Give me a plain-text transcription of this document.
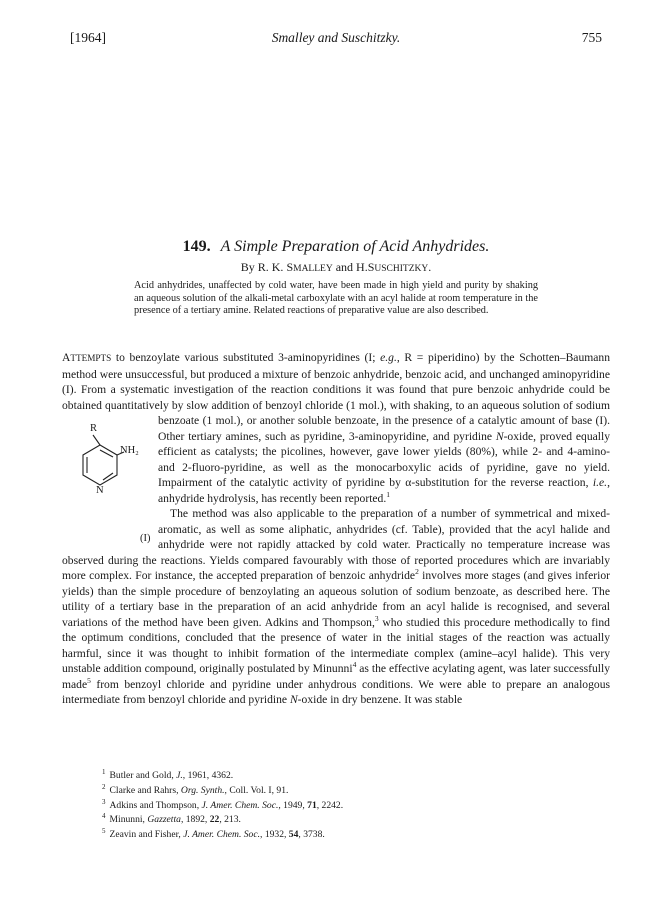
[1964]	Smalley and Suschitzky.	755
149. A Simple Preparation of Acid Anhydrides.
By R. K. SMALLEY and H.SUSCHITZKY.

Acid anhydrides, unaffected by cold water, have been made in high yield and purity by shaking an aqueous solution of the alkali-metal carboxylate with an acyl halide at room temperature in the presence of a tertiary amine. Related reactions of preparative value are also described.

ATTEMPTS to benzoylate various substituted 3-aminopyridines (I; e.g., R = piperidino) by the Schotten–Baumann method were unsuccessful, but produced a mixture of benzoic anhydride, benzoic acid, and unchanged aminopyridine (I). From a systematic investigation of the reaction conditions it was found that pure benzoic anhydride could be obtained quantitatively by slow addition of benzoyl chloride (1 mol.), with shaking, to an aqueous solution of sodium benzoate (1 mol.), or another soluble benzoate, in the presence of a
R
NH₂
N
(I)
catalytic amount of base (I). Other tertiary amines, such as pyridine, 3-aminopyridine, and pyridine N-oxide, proved equally efficient as catalysts; the picolines, however, gave lower yields (80%), while 2- and 4-amino- and 2-fluoro-pyridine, as well as the monocarboxylic acids of pyridine, gave no yield. Impairment of the catalytic activity of pyridine by α-substitution for the reverse reaction, i.e., anhydride hydrolysis, has recently been reported.$^1$

The method was also applicable to the preparation of a number of symmetrical and mixed-aromatic, as well as some aliphatic, anhydrides (cf. Table), provided that the acyl halide and anhydride were not rapidly attacked by cold water. Practically no temperature increase was observed during the reactions. Yields compared favourably with those of reported procedures which are invariably more complex. For instance, the accepted preparation of benzoic anhydride$^2$ involves more stages (and gives inferior yields) than the simple procedure of benzoylating an aqueous solution of sodium benzoate, as described here. The utility of a tertiary base in the preparation of an acid anhydride from an acyl halide is recognised, and several variations of the method have been given. Adkins and Thompson,$^3$ who studied this procedure methodically to find the optimum conditions, concluded that the presence of water in the initial stages of the reaction was actually harmful, since it was thought to inhibit formation of the intermediate complex (amine–acyl halide). This very unstable addition compound, originally postulated by Minunni$^4$ as the effective acylating agent, was later successfully made$^5$ from benzoyl chloride and pyridine under anhydrous conditions. We were able to prepare an analogous intermediate from benzoyl chloride and pyridine N-oxide in dry benzene. It was stable

$^1$ Butler and Gold, J., 1961, 4362.
$^2$ Clarke and Rahrs, Org. Synth., Coll. Vol. I, 91.
$^3$ Adkins and Thompson, J. Amer. Chem. Soc., 1949, 71, 2242.
$^4$ Minunni, Gazzetta, 1892, 22, 213.
$^5$ Zeavin and Fisher, J. Amer. Chem. Soc., 1932, 54, 3738.
